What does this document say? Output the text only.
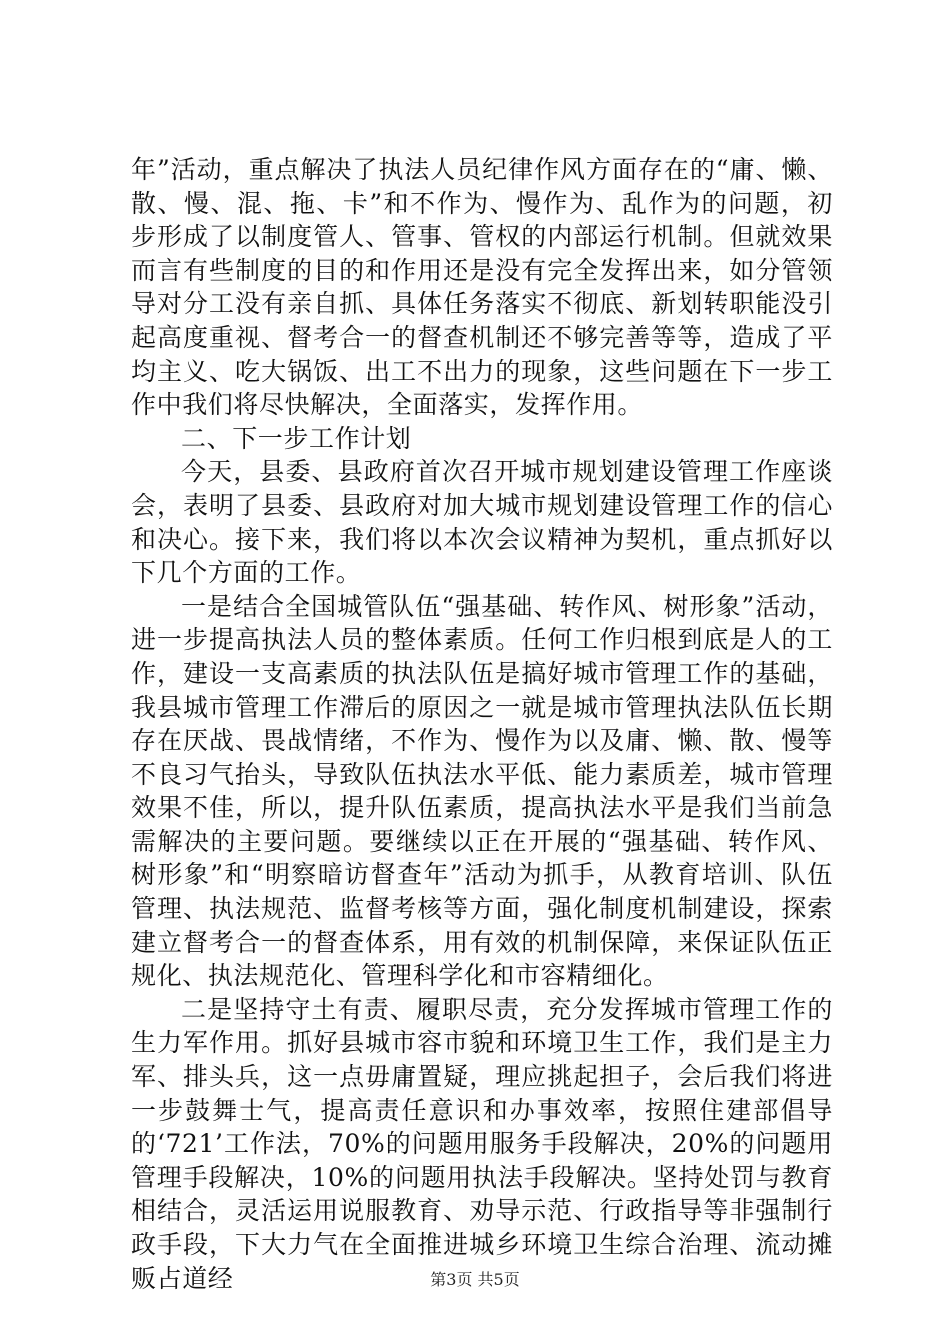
年”活动，重点解决了执法人员纪律作风方面存在的“庸、懒、散、慢、混、拖、卡”和不作为、慢作为、乱作为的问题，初步形成了以制度管人、管事、管权的内部运行机制。但就效果而言有些制度的目的和作用还是没有完全发挥出来，如分管领导对分工没有亲自抓、具体任务落实不彻底、新划转职能没引起高度重视、督考合一的督查机制还不够完善等等，造成了平均主义、吃大锅饭、出工不出力的现象，这些问题在下一步工作中我们将尽快解决，全面落实，发挥作用。

二、下一步工作计划

今天，县委、县政府首次召开城市规划建设管理工作座谈会，表明了县委、县政府对加大城市规划建设管理工作的信心和决心。接下来，我们将以本次会议精神为契机，重点抓好以下几个方面的工作。

一是结合全国城管队伍“强基础、转作风、树形象”活动，进一步提高执法人员的整体素质。任何工作归根到底是人的工作，建设一支高素质的执法队伍是搞好城市管理工作的基础，我县城市管理工作滞后的原因之一就是城市管理执法队伍长期存在厌战、畏战情绪，不作为、慢作为以及庸、懒、散、慢等不良习气抬头，导致队伍执法水平低、能力素质差，城市管理效果不佳，所以，提升队伍素质，提高执法水平是我们当前急需解决的主要问题。要继续以正在开展的“强基础、转作风、树形象”和“明察暗访督查年”活动为抓手，从教育培训、队伍管理、执法规范、监督考核等方面，强化制度机制建设，探索建立督考合一的督查体系，用有效的机制保障，来保证队伍正规化、执法规范化、管理科学化和市容精细化。

二是坚持守土有责、履职尽责，充分发挥城市管理工作的生力军作用。抓好县城市容市貌和环境卫生工作，我们是主力军、排头兵，这一点毋庸置疑，理应挑起担子，会后我们将进一步鼓舞士气，提高责任意识和办事效率，按照住建部倡导的‘721’工作法，70%的问题用服务手段解决，20%的问题用管理手段解决，10%的问题用执法手段解决。坚持处罚与教育相结合，灵活运用说服教育、劝导示范、行政指导等非强制行政手段，下大力气在全面推进城乡环境卫生综合治理、流动摊贩占道经	第3页 共5页
